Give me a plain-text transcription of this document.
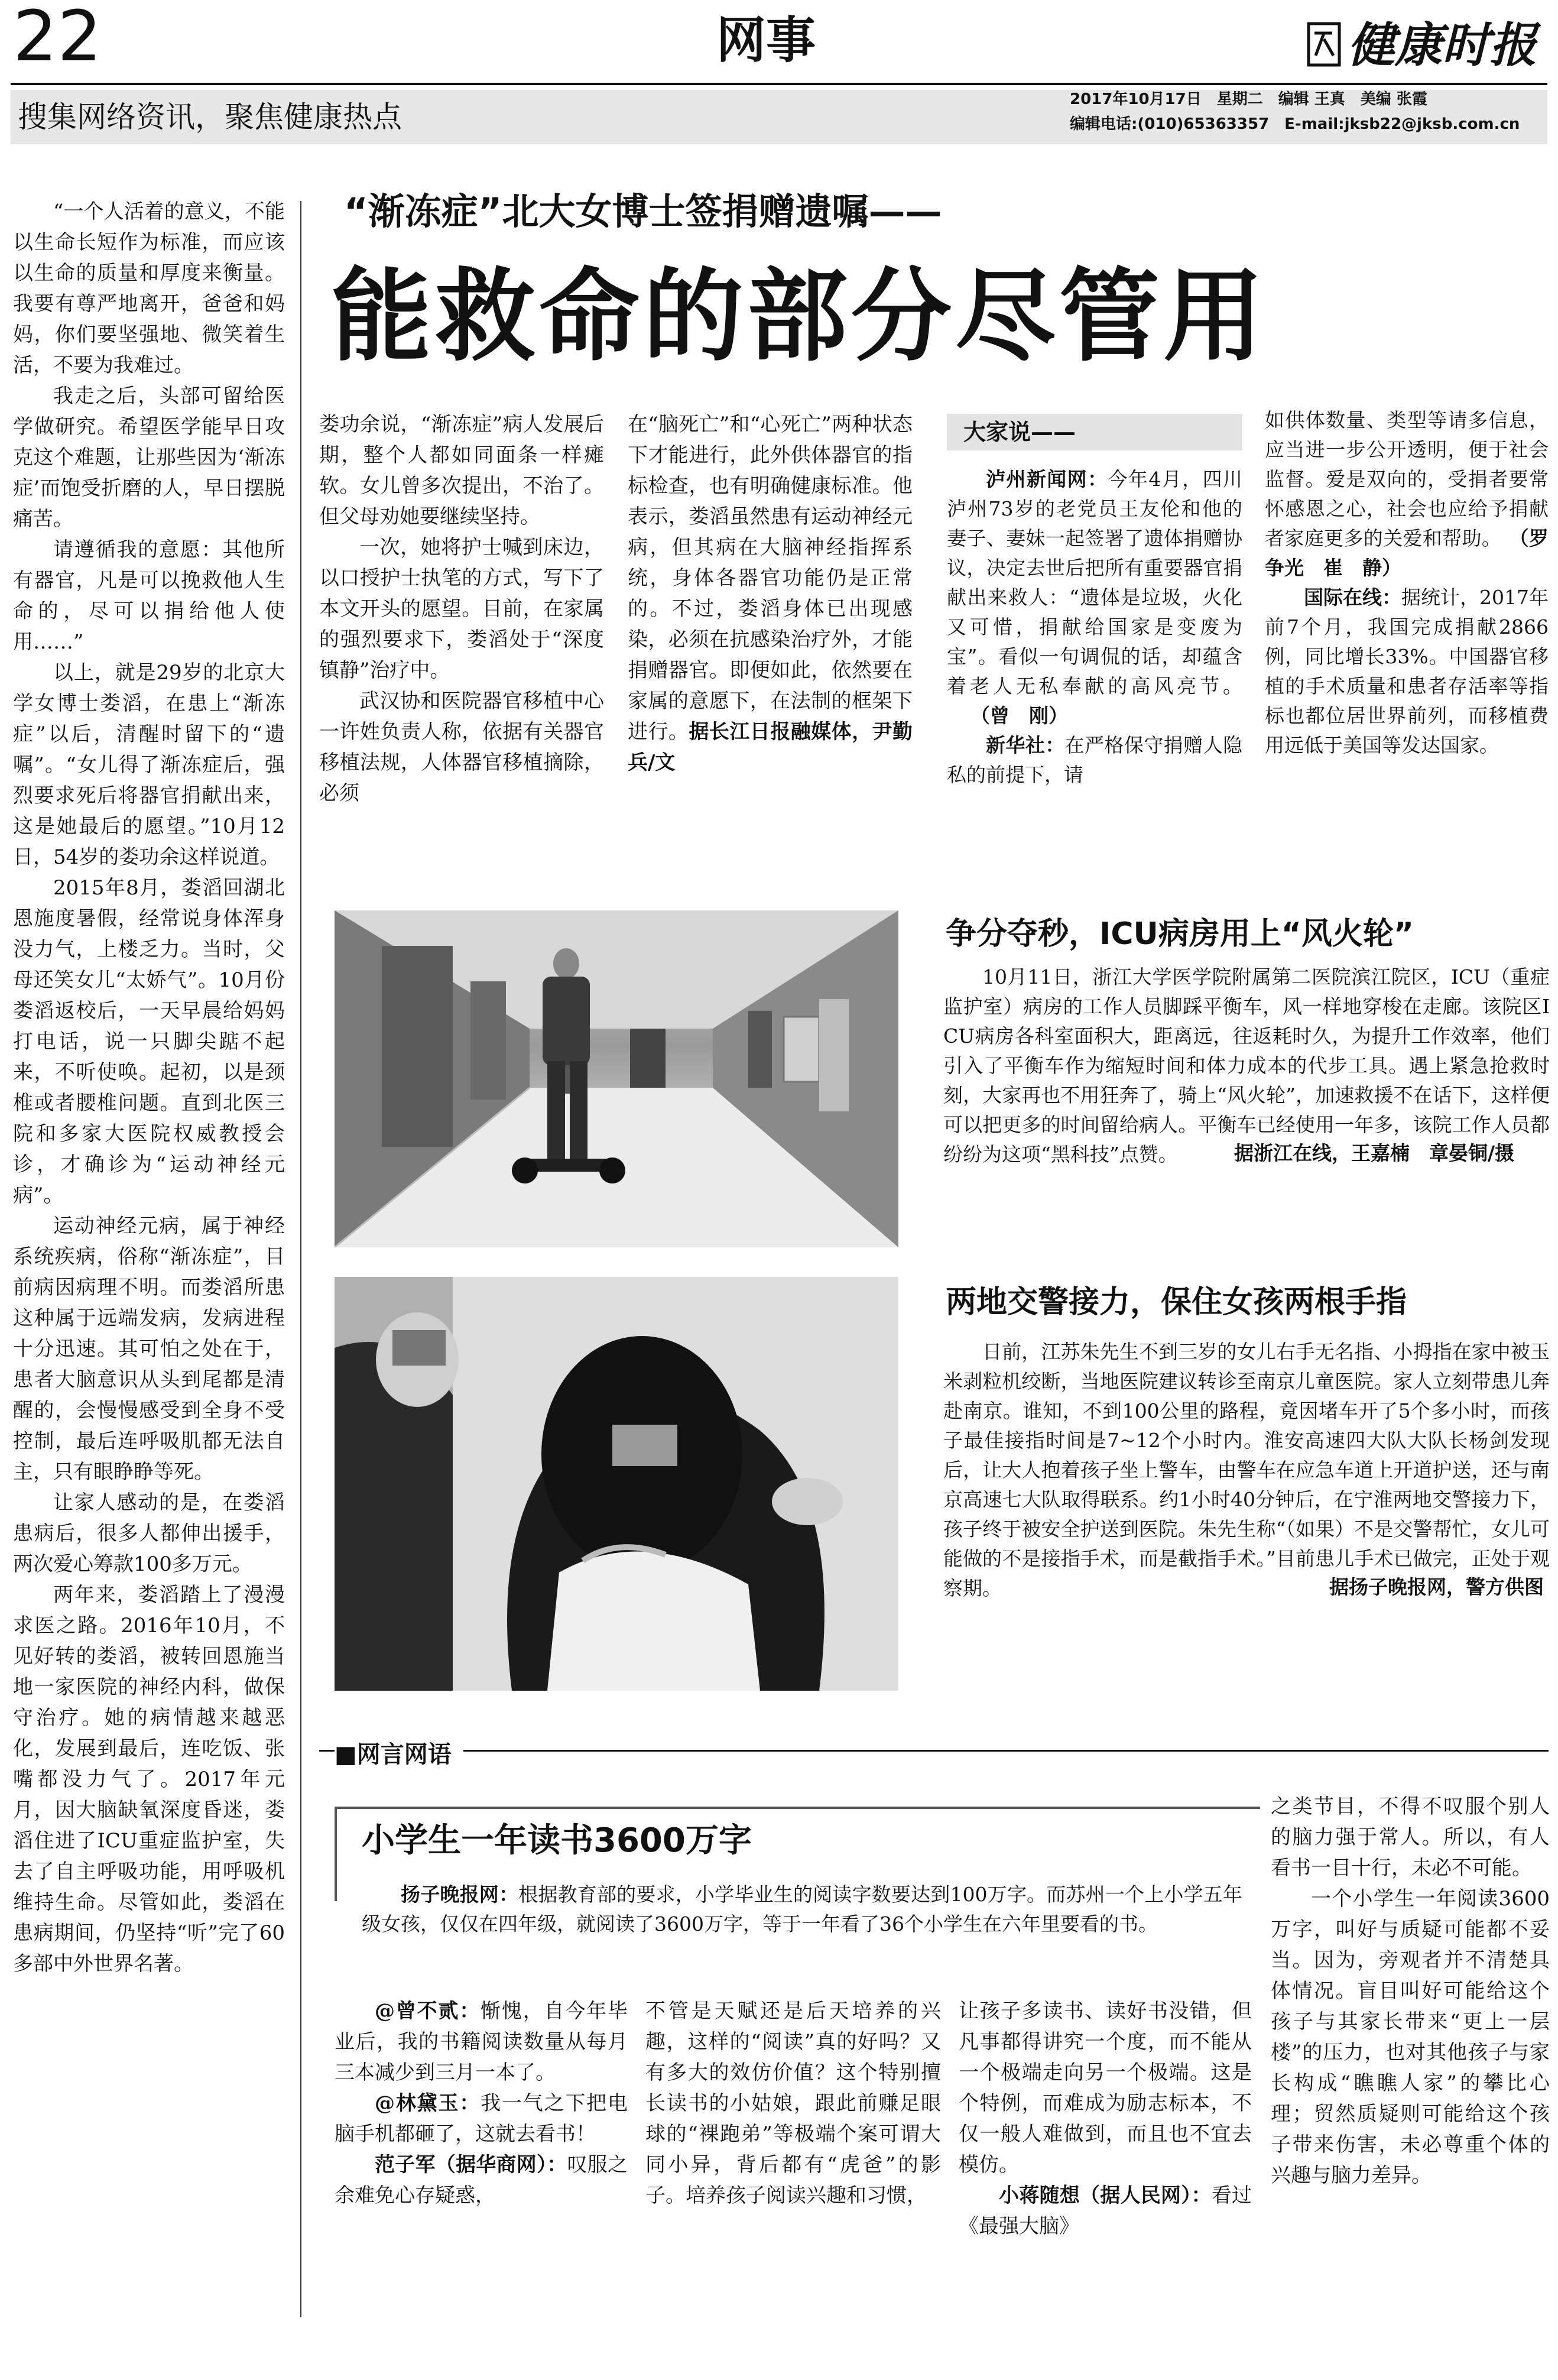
22	网事	健康时报
搜集网络资讯，聚焦健康热点
2017年10月17日　星期二　编辑 王真　美编 张霞
编辑电话:(010)65363357　E-mail:jksb22@jksb.com.cn
“渐冻症”北大女博士签捐赠遗嘱——
能救命的部分尽管用

“一个人活着的意义，不能以生命长短作为标准，而应该以生命的质量和厚度来衡量。我要有尊严地离开，爸爸和妈妈，你们要坚强地、微笑着生活，不要为我难过。

我走之后，头部可留给医学做研究。希望医学能早日攻克这个难题，让那些因为‘渐冻症’而饱受折磨的人，早日摆脱痛苦。

请遵循我的意愿：其他所有器官，凡是可以挽救他人生命的，尽可以捐给他人使用……”

以上，就是29岁的北京大学女博士娄滔，在患上“渐冻症”以后，清醒时留下的“遗嘱”。“女儿得了渐冻症后，强烈要求死后将器官捐献出来，这是她最后的愿望。”10月12日，54岁的娄功余这样说道。

2015年8月，娄滔回湖北恩施度暑假，经常说身体浑身没力气，上楼乏力。当时，父母还笑女儿“太娇气”。10月份娄滔返校后，一天早晨给妈妈打电话，说一只脚尖踮不起来，不听使唤。起初，以是颈椎或者腰椎问题。直到北医三院和多家大医院权威教授会诊，才确诊为“运动神经元病”。

运动神经元病，属于神经系统疾病，俗称“渐冻症”，目前病因病理不明。而娄滔所患这种属于远端发病，发病进程十分迅速。其可怕之处在于，患者大脑意识从头到尾都是清醒的，会慢慢感受到全身不受控制，最后连呼吸肌都无法自主，只有眼睁睁等死。

让家人感动的是，在娄滔患病后，很多人都伸出援手，两次爱心筹款100多万元。

两年来，娄滔踏上了漫漫求医之路。2016年10月，不见好转的娄滔，被转回恩施当地一家医院的神经内科，做保守治疗。她的病情越来越恶化，发展到最后，连吃饭、张嘴都没力气了。2017年元月，因大脑缺氧深度昏迷，娄滔住进了ICU重症监护室，失去了自主呼吸功能，用呼吸机维持生命。尽管如此，娄滔在患病期间，仍坚持“听”完了60多部中外世界名著。

娄功余说，“渐冻症”病人发展后期，整个人都如同面条一样瘫软。女儿曾多次提出，不治了。但父母劝她要继续坚持。

一次，她将护士喊到床边，以口授护士执笔的方式，写下了本文开头的愿望。目前，在家属的强烈要求下，娄滔处于“深度镇静”治疗中。

武汉协和医院器官移植中心一许姓负责人称，依据有关器官移植法规，人体器官移植摘除，必须

在“脑死亡”和“心死亡”两种状态下才能进行，此外供体器官的指标检查，也有明确健康标准。他表示，娄滔虽然患有运动神经元病，但其病在大脑神经指挥系统，身体各器官功能仍是正常的。不过，娄滔身体已出现感染，必须在抗感染治疗外，才能捐赠器官。即便如此，依然要在家属的意愿下，在法制的框架下进行。据长江日报融媒体，尹勤兵/文

大家说——

泸州新闻网：今年4月，四川泸州73岁的老党员王友伦和他的妻子、妻妹一起签署了遗体捐赠协议，决定去世后把所有重要器官捐献出来救人：“遗体是垃圾，火化又可惜，捐献给国家是变废为宝”。看似一句调侃的话，却蕴含着老人无私奉献的高风亮节。（曾　刚）

新华社：在严格保守捐赠人隐私的前提下，请

如供体数量、类型等请多信息，应当进一步公开透明，便于社会监督。爱是双向的，受捐者要常怀感恩之心，社会也应给予捐献者家庭更多的关爱和帮助。 （罗争光　崔　静）

国际在线：据统计，2017年前7个月，我国完成捐献2866例，同比增长33%。中国器官移植的手术质量和患者存活率等指标也都位居世界前列，而移植费用远低于美国等发达国家。

争分夺秒，ICU病房用上“风火轮”

10月11日，浙江大学医学院附属第二医院滨江院区，ICU（重症监护室）病房的工作人员脚踩平衡车，风一样地穿梭在走廊。该院区ICU病房各科室面积大，距离远，往返耗时久，为提升工作效率，他们引入了平衡车作为缩短时间和体力成本的代步工具。遇上紧急抢救时刻，大家再也不用狂奔了，骑上“风火轮”，加速救援不在话下，这样便可以把更多的时间留给病人。平衡车已经使用一年多，该院工作人员都纷纷为这项“黑科技”点赞。	据浙江在线，王嘉楠　章晏铜/摄

两地交警接力，保住女孩两根手指

日前，江苏朱先生不到三岁的女儿右手无名指、小拇指在家中被玉米剥粒机绞断，当地医院建议转诊至南京儿童医院。家人立刻带患儿奔赴南京。谁知，不到100公里的路程，竟因堵车开了5个多小时，而孩子最佳接指时间是7~12个小时内。淮安高速四大队大队长杨剑发现后，让大人抱着孩子坐上警车，由警车在应急车道上开道护送，还与南京高速七大队取得联系。约1小时40分钟后，在宁淮两地交警接力下，孩子终于被安全护送到医院。朱先生称“（如果）不是交警帮忙，女儿可能做的不是接指手术，而是截指手术。”目前患儿手术已做完，正处于观察期。	据扬子晚报网，警方供图

■网言网语
小学生一年读书3600万字

扬子晚报网：根据教育部的要求，小学毕业生的阅读字数要达到100万字。而苏州一个上小学五年级女孩，仅仅在四年级，就阅读了3600万字，等于一年看了36个小学生在六年里要看的书。

@曾不贰：惭愧，自今年毕业后，我的书籍阅读数量从每月三本减少到三月一本了。

@林黛玉：我一气之下把电脑手机都砸了，这就去看书！

范子军（据华商网）：叹服之余难免心存疑惑，

不管是天赋还是后天培养的兴趣，这样的“阅读”真的好吗？又有多大的效仿价值？这个特别擅长读书的小姑娘，跟此前赚足眼球的“裸跑弟”等极端个案可谓大同小异，背后都有“虎爸”的影子。培养孩子阅读兴趣和习惯，

让孩子多读书、读好书没错，但凡事都得讲究一个度，而不能从一个极端走向另一个极端。这是个特例，而难成为励志标本，不仅一般人难做到，而且也不宜去模仿。

小蒋随想（据人民网）：看过《最强大脑》

之类节目，不得不叹服个别人的脑力强于常人。所以，有人看书一目十行，未必不可能。

一个小学生一年阅读3600万字，叫好与质疑可能都不妥当。因为，旁观者并不清楚具体情况。盲目叫好可能给这个孩子与其家长带来“更上一层楼”的压力，也对其他孩子与家长构成“瞧瞧人家”的攀比心理；贸然质疑则可能给这个孩子带来伤害，未必尊重个体的兴趣与脑力差异。
